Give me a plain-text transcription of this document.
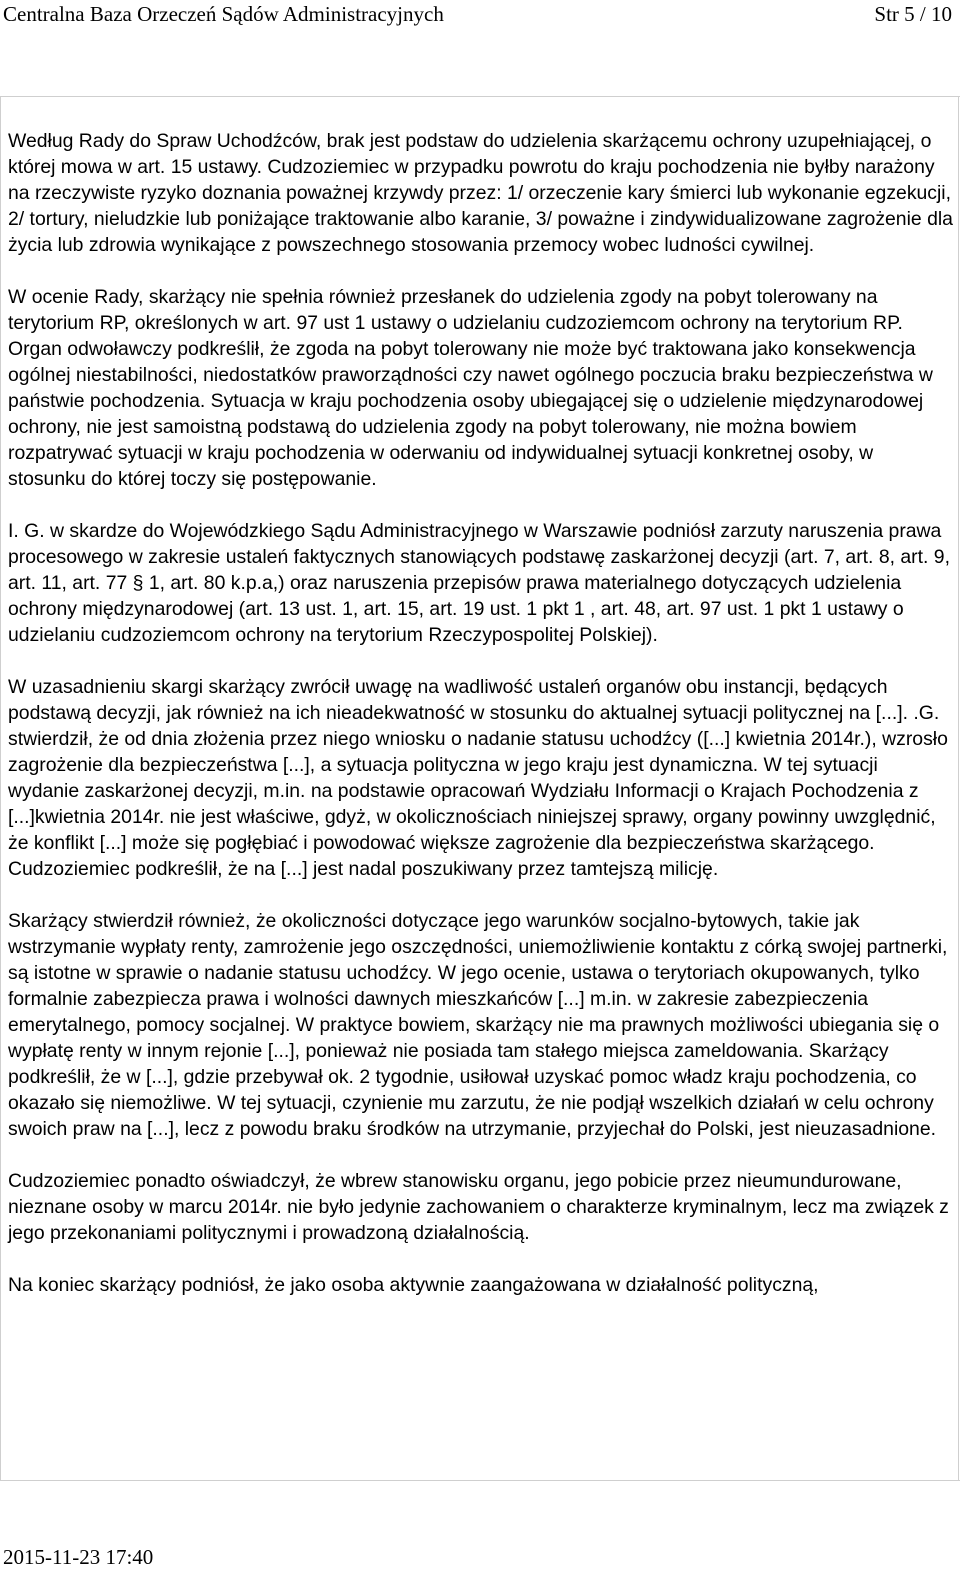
Centralna Baza Orzeczeń Sądów Administracyjnych	Str 5 / 10

Według Rady do Spraw Uchodźców, brak jest podstaw do udzielenia skarżącemu ochrony uzupełniającej, o której mowa w art. 15 ustawy. Cudzoziemiec w przypadku powrotu do kraju pochodzenia nie byłby narażony na rzeczywiste ryzyko doznania poważnej krzywdy przez: 1/ orzeczenie kary śmierci lub wykonanie egzekucji, 2/ tortury, nieludzkie lub poniżające traktowanie albo karanie, 3/ poważne i zindywidualizowane zagrożenie dla życia lub zdrowia wynikające z powszechnego stosowania przemocy wobec ludności cywilnej.

W ocenie Rady, skarżący nie spełnia również przesłanek do udzielenia zgody na pobyt tolerowany na terytorium RP, określonych w art. 97 ust 1 ustawy o udzielaniu cudzoziemcom ochrony na terytorium RP. Organ odwoławczy podkreślił, że zgoda na pobyt tolerowany nie może być traktowana jako konsekwencja ogólnej niestabilności, niedostatków praworządności czy nawet ogólnego poczucia braku bezpieczeństwa w państwie pochodzenia. Sytuacja w kraju pochodzenia osoby ubiegającej się o udzielenie międzynarodowej ochrony, nie jest samoistną podstawą do udzielenia zgody na pobyt tolerowany, nie można bowiem rozpatrywać sytuacji w kraju pochodzenia w oderwaniu od indywidualnej sytuacji konkretnej osoby, w stosunku do której toczy się postępowanie.

I. G. w skardze do Wojewódzkiego Sądu Administracyjnego w Warszawie podniósł zarzuty naruszenia prawa procesowego w zakresie ustaleń faktycznych stanowiących podstawę zaskarżonej decyzji (art. 7, art. 8, art. 9, art. 11, art. 77 § 1, art. 80 k.p.a,) oraz naruszenia przepisów prawa materialnego dotyczących udzielenia ochrony międzynarodowej (art. 13 ust. 1, art. 15, art. 19 ust. 1 pkt 1 , art. 48, art. 97 ust. 1 pkt 1 ustawy o udzielaniu cudzoziemcom ochrony na terytorium Rzeczypospolitej Polskiej).

W uzasadnieniu skargi skarżący zwrócił uwagę na wadliwość ustaleń organów obu instancji, będących podstawą decyzji, jak również na ich nieadekwatność w stosunku do aktualnej sytuacji politycznej na [...]. .G. stwierdził, że od dnia złożenia przez niego wniosku o nadanie statusu uchodźcy ([...] kwietnia 2014r.), wzrosło zagrożenie dla bezpieczeństwa [...], a sytuacja polityczna w jego kraju jest dynamiczna. W tej sytuacji wydanie zaskarżonej decyzji, m.in. na podstawie opracowań Wydziału Informacji o Krajach Pochodzenia z [...]kwietnia 2014r. nie jest właściwe, gdyż, w okolicznościach niniejszej sprawy, organy powinny uwzględnić, że konflikt [...] może się pogłębiać i powodować większe zagrożenie dla bezpieczeństwa skarżącego. Cudzoziemiec podkreślił, że na [...] jest nadal poszukiwany przez tamtejszą milicję.

Skarżący stwierdził również, że okoliczności dotyczące jego warunków socjalno-bytowych, takie jak wstrzymanie wypłaty renty, zamrożenie jego oszczędności, uniemożliwienie kontaktu z córką swojej partnerki, są istotne w sprawie o nadanie statusu uchodźcy. W jego ocenie, ustawa o terytoriach okupowanych, tylko formalnie zabezpiecza prawa i wolności dawnych mieszkańców [...] m.in. w zakresie zabezpieczenia emerytalnego, pomocy socjalnej. W praktyce bowiem, skarżący nie ma prawnych możliwości ubiegania się o wypłatę renty w innym rejonie [...], ponieważ nie posiada tam stałego miejsca zameldowania. Skarżący podkreślił, że w [...], gdzie przebywał ok. 2 tygodnie, usiłował uzyskać pomoc władz kraju pochodzenia, co okazało się niemożliwe. W tej sytuacji, czynienie mu zarzutu, że nie podjął wszelkich działań w celu ochrony swoich praw na [...], lecz z powodu braku środków na utrzymanie, przyjechał do Polski, jest nieuzasadnione.

Cudzoziemiec ponadto oświadczył, że wbrew stanowisku organu, jego pobicie przez nieumundurowane, nieznane osoby w marcu 2014r. nie było jedynie zachowaniem o charakterze kryminalnym, lecz ma związek z jego przekonaniami politycznymi i prowadzoną działalnością.

Na koniec skarżący podniósł, że jako osoba aktywnie zaangażowana w działalność polityczną,

2015-11-23 17:40
